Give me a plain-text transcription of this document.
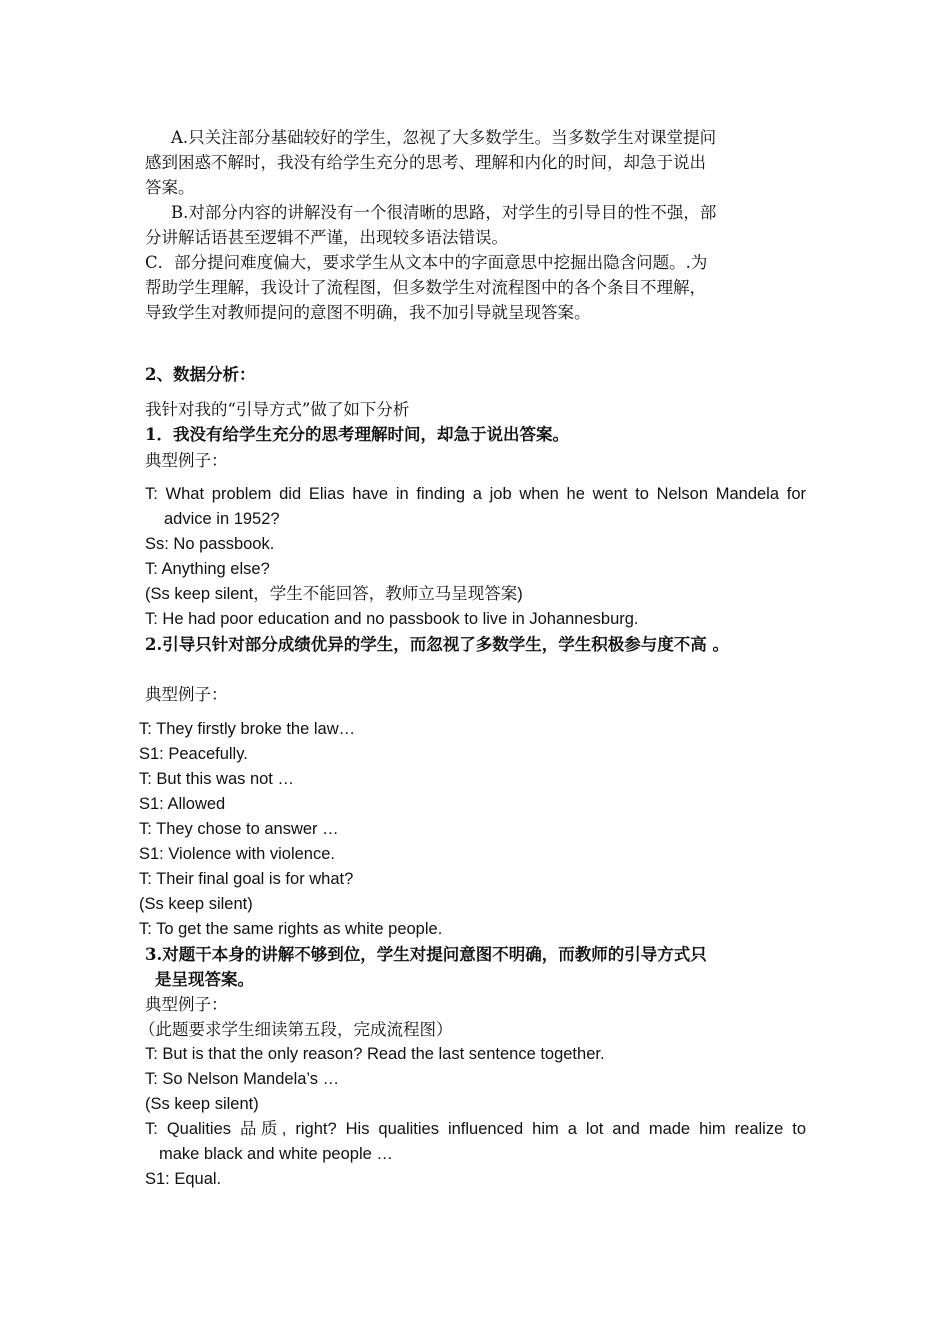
A.只关注部分基础较好的学生，忽视了大多数学生。当多数学生对课堂提问
感到困惑不解时，我没有给学生充分的思考、理解和内化的时间，却急于说出
答案。
B.对部分内容的讲解没有一个很清晰的思路，对学生的引导目的性不强，部
分讲解话语甚至逻辑不严谨，出现较多语法错误。
C．部分提问难度偏大，要求学生从文本中的字面意思中挖掘出隐含问题。.为
帮助学生理解，我设计了流程图，但多数学生对流程图中的各个条目不理解，
导致学生对教师提问的意图不明确，我不加引导就呈现答案。
2、数据分析：
我针对我的“引导方式”做了如下分析
1．我没有给学生充分的思考理解时间，却急于说出答案。
典型例子：
T: What problem did Elias have in finding a job when he went to Nelson Mandela for
advice in 1952?
Ss: No passbook.
T: Anything else?
(Ss keep silent，学生不能回答，教师立马呈现答案)
T: He had poor education and no passbook to live in Johannesburg.
2.引导只针对部分成绩优异的学生，而忽视了多数学生，学生积极参与度不高 。
典型例子：
T: They firstly broke the law…
S1: Peacefully.
T: But this was not …
S1: Allowed
T: They chose to answer …
S1: Violence with violence.
T: Their final goal is for what?
(Ss keep silent)
T: To get the same rights as white people.
3.对题干本身的讲解不够到位，学生对提问意图不明确，而教师的引导方式只
是呈现答案。
典型例子：
（此题要求学生细读第五段，完成流程图）
T: But is that the only reason? Read the last sentence together.
T: So Nelson Mandela’s …
(Ss keep silent)
T: Qualities 品质, right? His qualities influenced him a lot and made him realize to
make black and white people …
S1: Equal.
